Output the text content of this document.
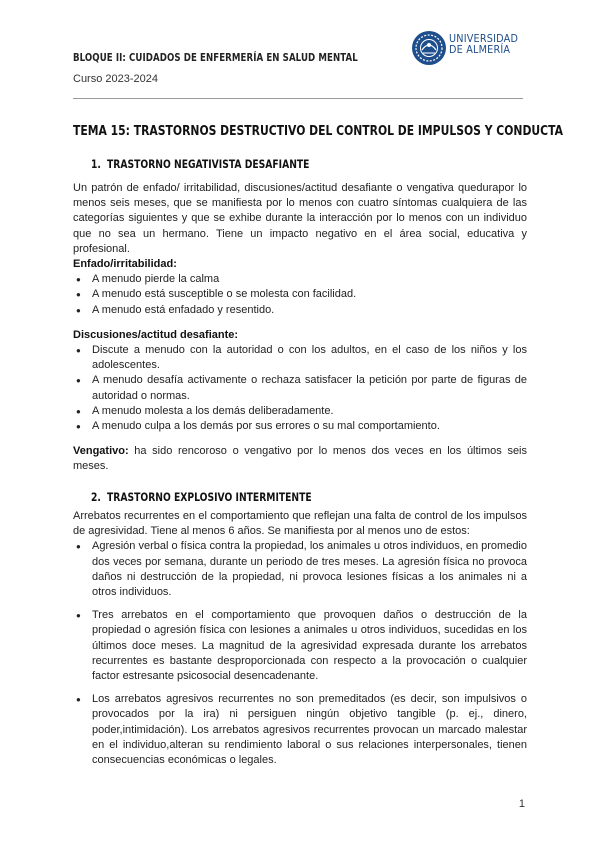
BLOQUE II: CUIDADOS DE ENFERMERÍA EN SALUD MENTAL
Curso 2023-2024
UNIVERSIDAD
DE ALMERÍA
TEMA 15: TRASTORNOS DESTRUCTIVO DEL CONTROL DE IMPULSOS Y CONDUCTA
1. TRASTORNO NEGATIVISTA DESAFIANTE

Un patrón de enfado/ irritabilidad, discusiones/actitud desafiante o vengativa quedurapor lo menos seis meses, que se manifiesta por lo menos con cuatro síntomas cualquiera de las categorías siguientes y que se exhibe durante la interacción por lo menos con un individuo que no sea un hermano. Tiene un impacto negativo en el área social, educativa y profesional.

Enfado/irritabilidad:
● A menudo pierde la calma
● A menudo está susceptible o se molesta con facilidad.
● A menudo está enfadado y resentido.
Discusiones/actitud desafiante:
● Discute a menudo con la autoridad o con los adultos, en el caso de los niños y los adolescentes.
● A menudo desafía activamente o rechaza satisfacer la petición por parte de figuras de autoridad o normas.
● A menudo molesta a los demás deliberadamente.
● A menudo culpa a los demás por sus errores o su mal comportamiento.

Vengativo: ha sido rencoroso o vengativo por lo menos dos veces en los últimos seis meses.

2. TRASTORNO EXPLOSIVO INTERMITENTE

Arrebatos recurrentes en el comportamiento que reflejan una falta de control de los impulsos de agresividad. Tiene al menos 6 años. Se manifiesta por al menos uno de estos:

● Agresión verbal o física contra la propiedad, los animales u otros individuos, en promedio dos veces por semana, durante un periodo de tres meses. La agresión física no provoca daños ni destrucción de la propiedad, ni provoca lesiones físicas a los animales ni a otros individuos.
● Tres arrebatos en el comportamiento que provoquen daños o destrucción de la propiedad o agresión física con lesiones a animales u otros individuos, sucedidas en los últimos doce meses. La magnitud de la agresividad expresada durante los arrebatos recurrentes es bastante desproporcionada con respecto a la provocación o cualquier factor estresante psicosocial desencadenante.
● Los arrebatos agresivos recurrentes no son premeditados (es decir, son impulsivos o provocados por la ira) ni persiguen ningún objetivo tangible (p. ej., dinero, poder,intimidación). Los arrebatos agresivos recurrentes provocan un marcado malestar en el individuo,alteran su rendimiento laboral o sus relaciones interpersonales, tienen consecuencias económicas o legales.
1
